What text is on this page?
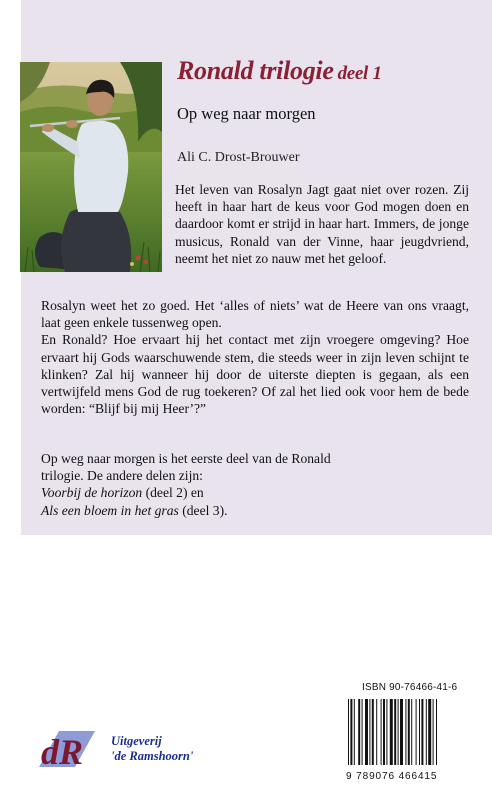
Ronald trilogie deel 1
Op weg naar morgen
Ali C. Drost-Brouwer
Het leven van Rosalyn Jagt gaat niet over rozen. Zij heeft in haar hart de keus voor God mogen doen en daardoor komt er strijd in haar hart. Immers, de jonge musicus, Ronald van der Vinne, haar jeugdvriend, neemt het niet zo nauw met het geloof.
Rosalyn weet het zo goed. Het ‘alles of niets’ wat de Heere van ons vraagt, laat geen enkele tussenweg open.
En Ronald? Hoe ervaart hij het contact met zijn vroegere omgeving? Hoe ervaart hij Gods waarschuwende stem, die steeds weer in zijn leven schijnt te klinken? Zal hij wanneer hij door de uiterste diepten is gegaan, als een vertwijfeld mens God de rug toekeren? Of zal het lied ook voor hem de bede worden: “Blijf bij mij Heer’?”
Op weg naar morgen is het eerste deel van de Ronald trilogie. De andere delen zijn:
Voorbij de horizon (deel 2) en
Als een bloem in het gras (deel 3).
ISBN 90-76466-41-6
9 789076 466415
dR Uitgeverij
'de Ramshoorn'
